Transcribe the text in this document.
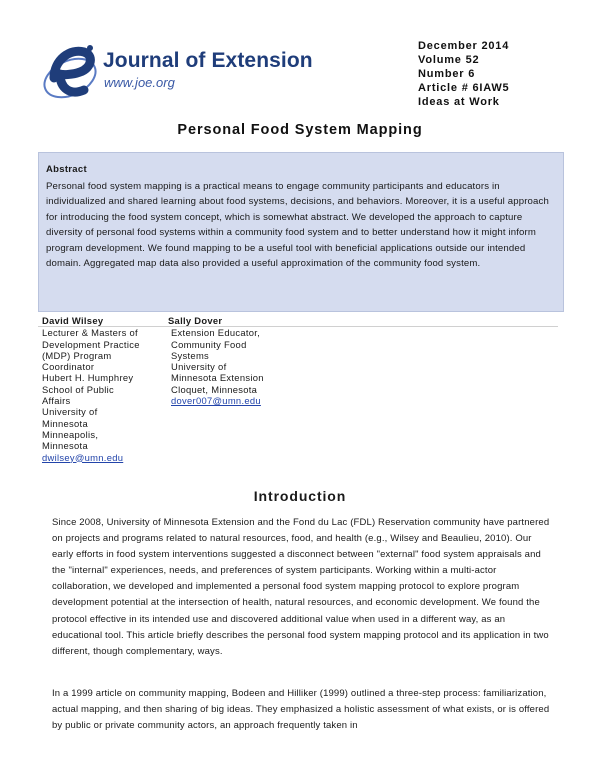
Journal of Extension
www.joe.org
December 2014
Volume 52
Number 6
Article # 6IAW5
Ideas at Work
Personal Food System Mapping
Abstract
Personal food system mapping is a practical means to engage community participants and educators in individualized and shared learning about food systems, decisions, and behaviors. Moreover, it is a useful approach for introducing the food system concept, which is somewhat abstract. We developed the approach to capture diversity of personal food systems within a community food system and to better understand how it might inform program development. We found mapping to be a useful tool with beneficial applications outside our intended domain. Aggregated map data also provided a useful approximation of the community food system.
David Wilsey
Lecturer & Masters of
Development Practice
(MDP) Program
Coordinator
Hubert H. Humphrey
School of Public
Affairs
University of
Minnesota
Minneapolis,
Minnesota
dwilsey@umn.edu
Sally Dover
Extension Educator,
Community Food
Systems
University of
Minnesota Extension
Cloquet, Minnesota
dover007@umn.edu
Introduction
Since 2008, University of Minnesota Extension and the Fond du Lac (FDL) Reservation community have partnered on projects and programs related to natural resources, food, and health (e.g., Wilsey and Beaulieu, 2010). Our early efforts in food system interventions suggested a disconnect between "external" food system appraisals and the "internal" experiences, needs, and preferences of system participants. Working within a multi-actor collaboration, we developed and implemented a personal food system mapping protocol to explore program development potential at the intersection of health, natural resources, and economic development. We found the protocol effective in its intended use and discovered additional value when used in a different way, as an educational tool. This article briefly describes the personal food system mapping protocol and its application in two different, though complementary, ways.
In a 1999 article on community mapping, Bodeen and Hilliker (1999) outlined a three-step process: familiarization, actual mapping, and then sharing of big ideas. They emphasized a holistic assessment of what exists, or is offered by public or private community actors, an approach frequently taken in
